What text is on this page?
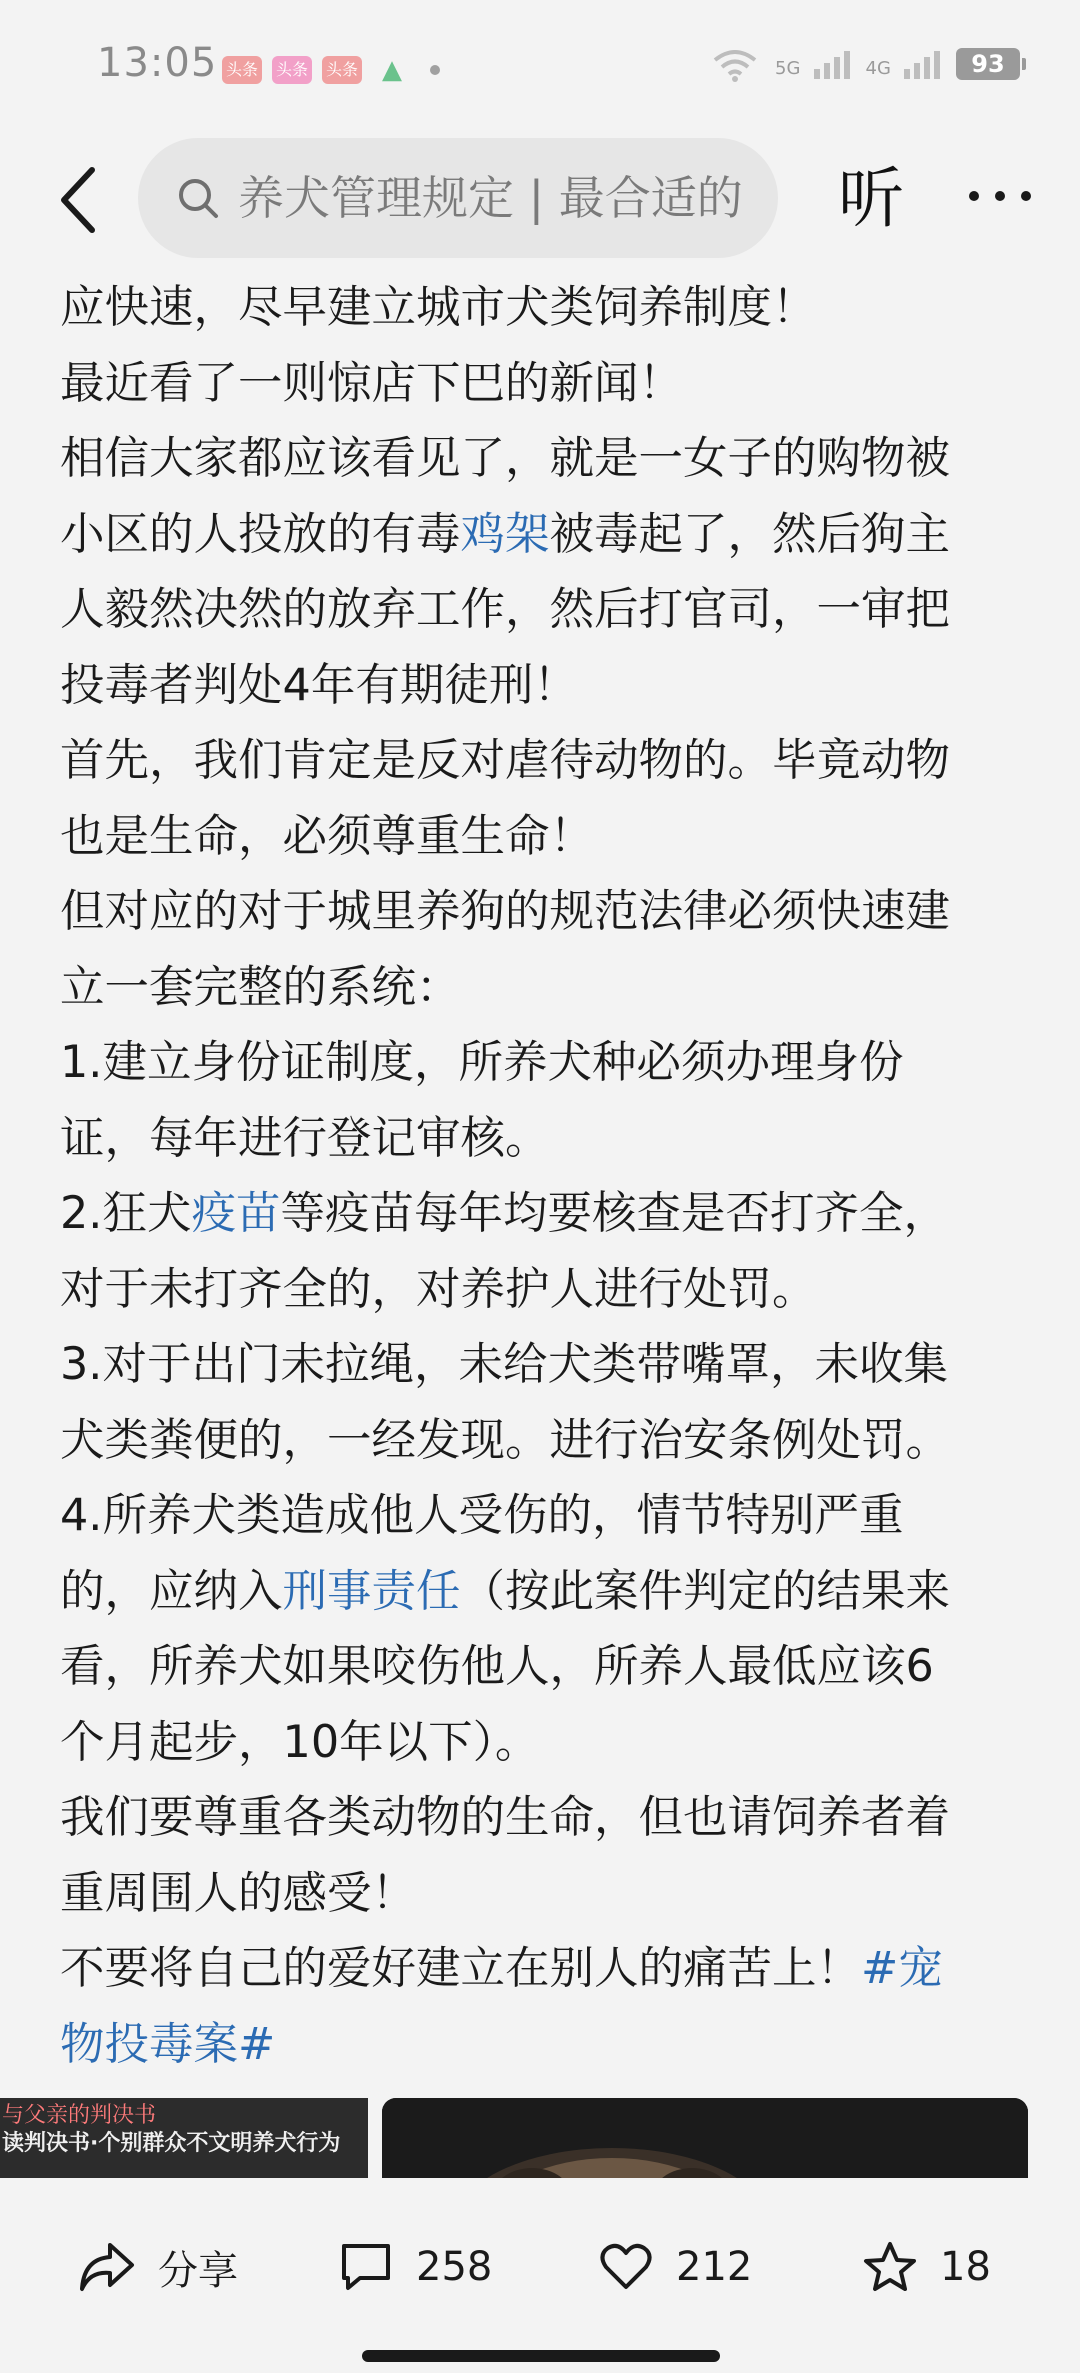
13:05 头条 头条 头条 ▲	5G	4G	93
养犬管理规定 | 最合适的 听
应快速，尽早建立城市犬类饲养制度！
最近看了一则惊店下巴的新闻！
相信大家都应该看见了，就是一女子的购物被
小区的人投放的有毒鸡架被毒起了，然后狗主
人毅然决然的放弃工作，然后打官司，一审把
投毒者判处4年有期徒刑！
首先，我们肯定是反对虐待动物的。毕竟动物
也是生命，必须尊重生命！
但对应的对于城里养狗的规范法律必须快速建
立一套完整的系统：
1.建立身份证制度，所养犬种必须办理身份
证，每年进行登记审核。
2.狂犬疫苗等疫苗每年均要核查是否打齐全，
对于未打齐全的，对养护人进行处罚。
3.对于出门未拉绳，未给犬类带嘴罩，未收集
犬类粪便的，一经发现。进行治安条例处罚。
4.所养犬类造成他人受伤的，情节特别严重
的，应纳入刑事责任（按此案件判定的结果来
看，所养犬如果咬伤他人，所养人最低应该6
个月起步，10年以下）。
我们要尊重各类动物的生命，但也请饲养者着
重周围人的感受！
不要将自己的爱好建立在别人的痛苦上！#宠
物投毒案#
与父亲的判决书
读判决书·个别群众不文明养犬行为
分享	258	212	18
